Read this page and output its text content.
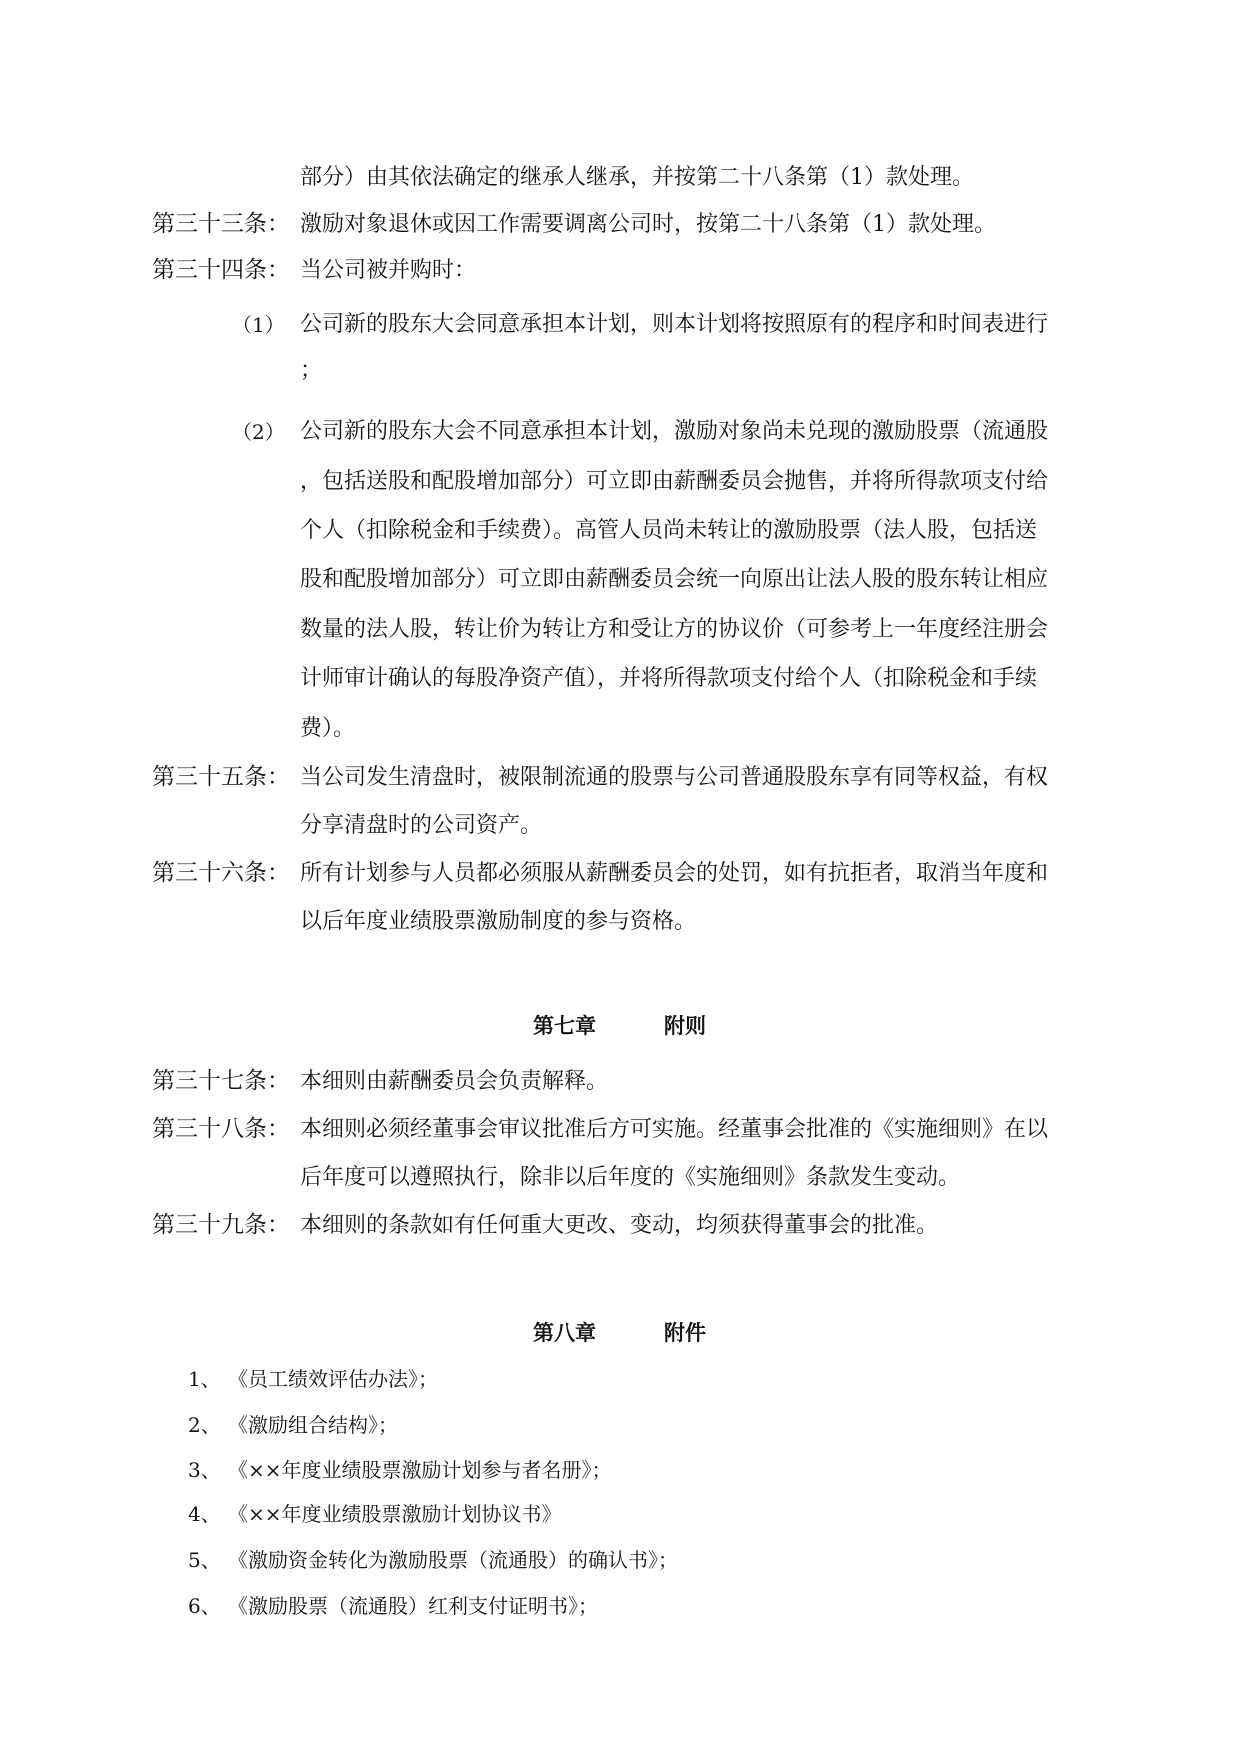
部分）由其依法确定的继承人继承，并按第二十八条第（1）款处理。
第三十三条： 激励对象退休或因工作需要调离公司时，按第二十八条第（1）款处理。
第三十四条： 当公司被并购时：
（1） 公司新的股东大会同意承担本计划，则本计划将按照原有的程序和时间表进行
；
（2） 公司新的股东大会不同意承担本计划，激励对象尚未兑现的激励股票（流通股
，包括送股和配股增加部分）可立即由薪酬委员会抛售，并将所得款项支付给
个人（扣除税金和手续费）。高管人员尚未转让的激励股票（法人股，包括送
股和配股增加部分）可立即由薪酬委员会统一向原出让法人股的股东转让相应
数量的法人股，转让价为转让方和受让方的协议价（可参考上一年度经注册会
计师审计确认的每股净资产值），并将所得款项支付给个人（扣除税金和手续
费）。
第三十五条： 当公司发生清盘时，被限制流通的股票与公司普通股股东享有同等权益，有权
分享清盘时的公司资产。
第三十六条： 所有计划参与人员都必须服从薪酬委员会的处罚，如有抗拒者，取消当年度和
以后年度业绩股票激励制度的参与资格。
第七章	附则
第三十七条： 本细则由薪酬委员会负责解释。
第三十八条： 本细则必须经董事会审议批准后方可实施。经董事会批准的《实施细则》在以
后年度可以遵照执行，除非以后年度的《实施细则》条款发生变动。
第三十九条： 本细则的条款如有任何重大更改、变动，均须获得董事会的批准。
第八章	附件
1、 《员工绩效评估办法》；
2、 《激励组合结构》；
3、 《××年度业绩股票激励计划参与者名册》；
4、 《××年度业绩股票激励计划协议书》
5、 《激励资金转化为激励股票（流通股）的确认书》；
6、 《激励股票（流通股）红利支付证明书》；
